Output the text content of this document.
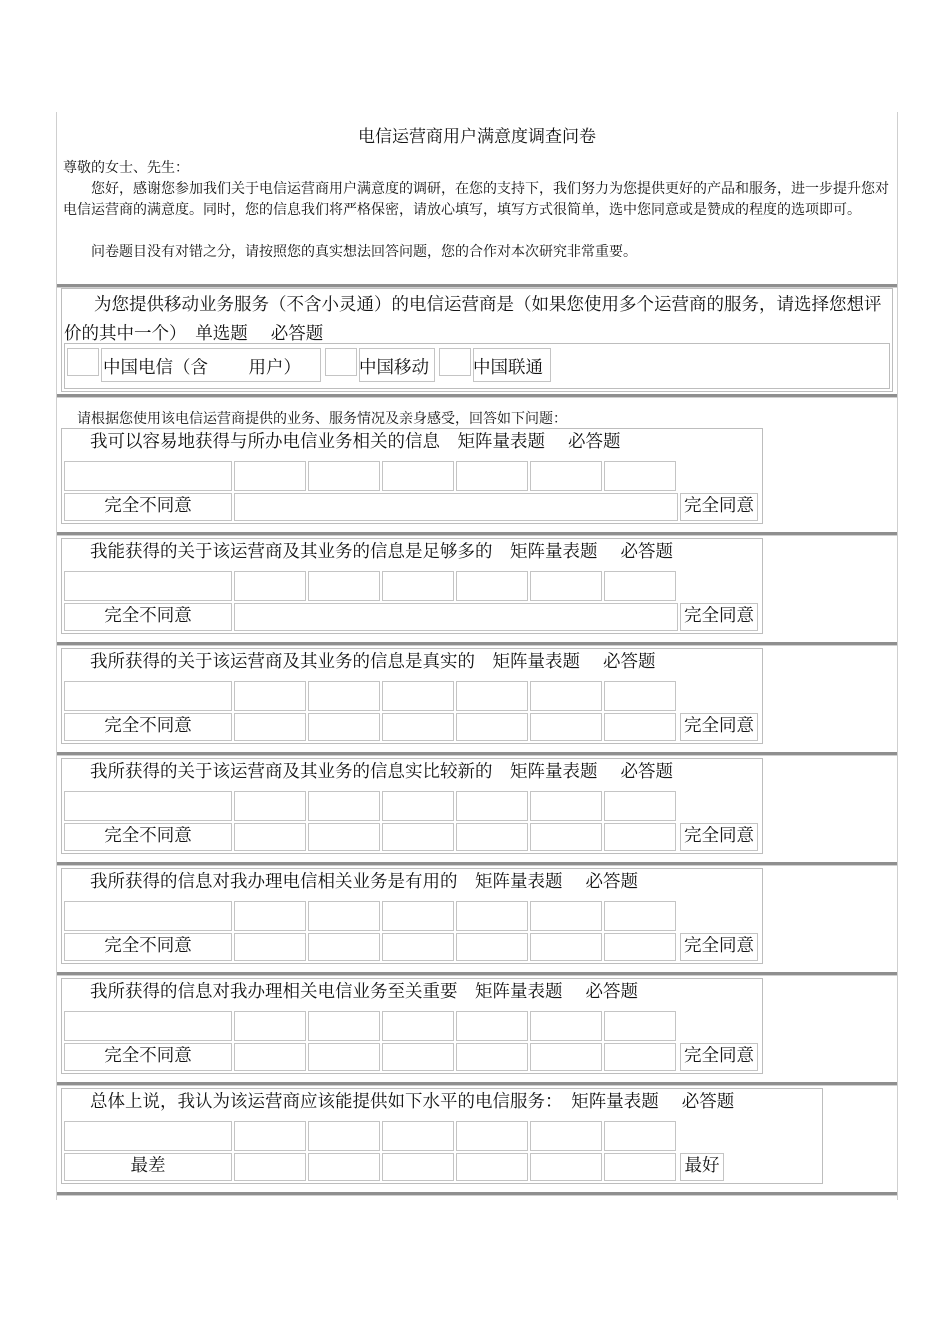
电信运营商用户满意度调查问卷

尊敬的女士、先生：

您好，感谢您参加我们关于电信运营商用户满意度的调研，在您的支持下，我们努力为您提供更好的产品和服务，进一步提升您对电信运营商的满意度。同时，您的信息我们将严格保密，请放心填写，填写方式很简单，选中您同意或是赞成的程度的选项即可。

问卷题目没有对错之分，请按照您的真实想法回答问题，您的合作对本次研究非常重要。

为您提供移动业务服务（不含小灵通）的电信运营商是（如果您使用多个运营商的服务，请选择您想评价的其中一个）　单选题　 必答题
中国电信（含　　 用户）	中国移动	中国联通
请根据您使用该电信运营商提供的业务、服务情况及亲身感受，回答如下问题：
我可以容易地获得与所办电信业务相关的信息　矩阵量表题　 必答题
完全不同意	完全同意
我能获得的关于该运营商及其业务的信息是足够多的　矩阵量表题　 必答题
完全不同意	完全同意
我所获得的关于该运营商及其业务的信息是真实的　矩阵量表题　 必答题
完全不同意	完全同意
我所获得的关于该运营商及其业务的信息实比较新的　矩阵量表题　 必答题
完全不同意	完全同意
我所获得的信息对我办理电信相关业务是有用的　矩阵量表题　 必答题
完全不同意	完全同意
我所获得的信息对我办理相关电信业务至关重要　矩阵量表题　 必答题
完全不同意	完全同意
总体上说，我认为该运营商应该能提供如下水平的电信服务：　矩阵量表题　 必答题
最差	最好
